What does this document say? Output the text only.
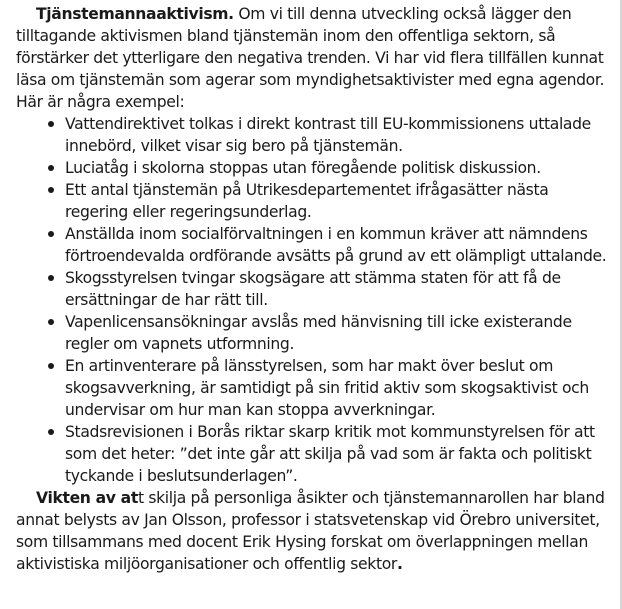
Tjänstemannaaktivism. Om vi till denna utveckling också lägger den tilltagande aktivismen bland tjänstemän inom den offentliga sektorn, så förstärker det ytterligare den negativa trenden. Vi har vid flera tillfällen kunnat läsa om tjänstemän som agerar som myndighetsaktivister med egna agendor. Här är några exempel:

Vattendirektivet tolkas i direkt kontrast till EU-kommissionens uttalade innebörd, vilket visar sig bero på tjänstemän.
Luciatåg i skolorna stoppas utan föregående politisk diskussion.
Ett antal tjänstemän på Utrikesdepartementet ifrågasätter nästa regering eller regeringsunderlag.
Anställda inom socialförvaltningen i en kommun kräver att nämndens förtroendevalda ordförande avsätts på grund av ett olämpligt uttalande.
Skogsstyrelsen tvingar skogsägare att stämma staten för att få de ersättningar de har rätt till.
Vapenlicensansökningar avslås med hänvisning till icke existerande regler om vapnets utformning.
En artinventerare på länsstyrelsen, som har makt över beslut om skogsavverkning, är samtidigt på sin fritid aktiv som skogsaktivist och undervisar om hur man kan stoppa avverkningar.
Stadsrevisionen i Borås riktar skarp kritik mot kommunstyrelsen för att som det heter: ”det inte går att skilja på vad som är fakta och politiskt tyckande i beslutsunderlagen”.

Vikten av att skilja på personliga åsikter och tjänstemannarollen har bland annat belysts av Jan Olsson, professor i statsvetenskap vid Örebro universitet, som tillsammans med docent Erik Hysing forskat om överlappningen mellan aktivistiska miljöorganisationer och offentlig sektor.
